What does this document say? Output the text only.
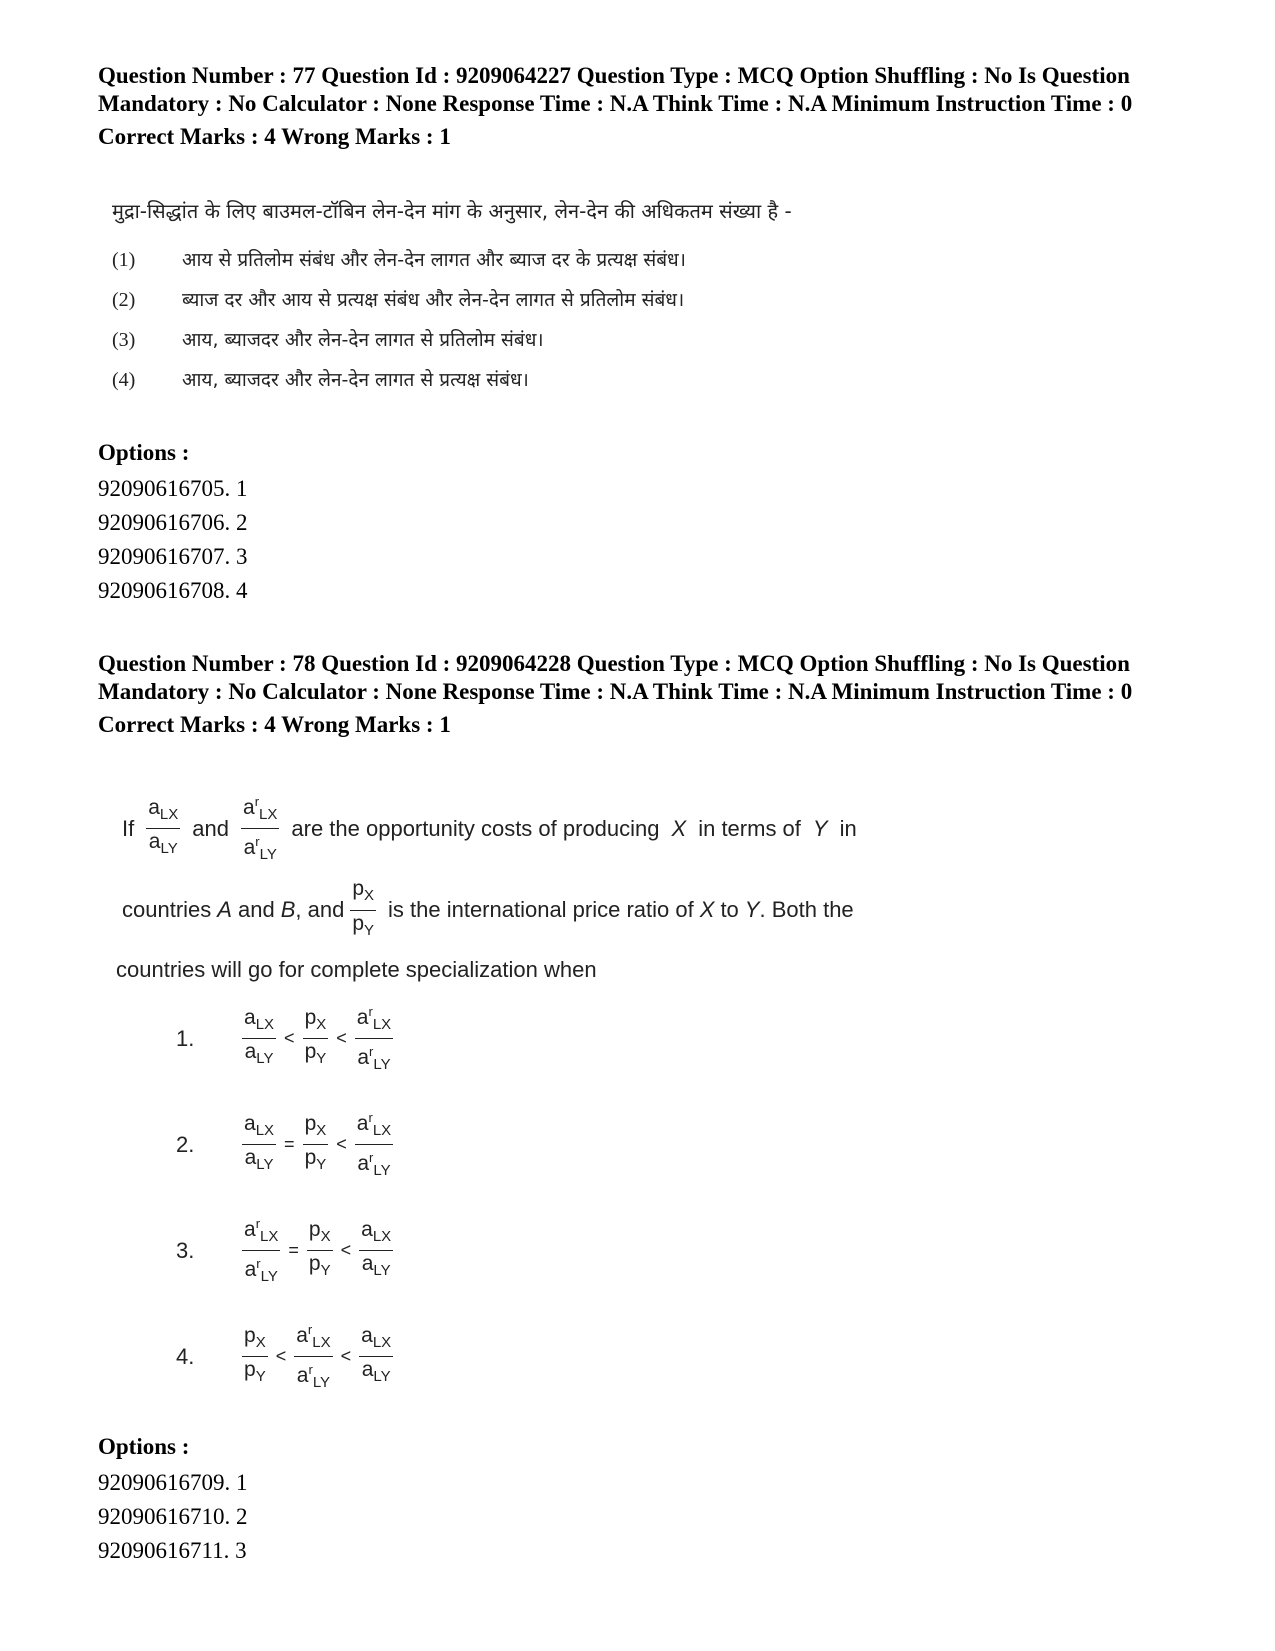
Question Number : 77 Question Id : 9209064227 Question Type : MCQ Option Shuffling : No Is Question Mandatory : No Calculator : None Response Time : N.A Think Time : N.A Minimum Instruction Time : 0
Correct Marks : 4 Wrong Marks : 1
मुद्रा-सिद्धांत के लिए बाउमल-टॉबिन लेन-देन मांग के अनुसार, लेन-देन की अधिकतम संख्या है -
(1)	आय से प्रतिलोम संबंध और लेन-देन लागत और ब्याज दर के प्रत्यक्ष संबंध।
(2)	ब्याज दर और आय से प्रत्यक्ष संबंध और लेन-देन लागत से प्रतिलोम संबंध।
(3)	आय, ब्याजदर और लेन-देन लागत से प्रतिलोम संबंध।
(4)	आय, ब्याजदर और लेन-देन लागत से प्रत्यक्ष संबंध।
Options :
92090616705. 1
92090616706. 2
92090616707. 3
92090616708. 4
Question Number : 78 Question Id : 9209064228 Question Type : MCQ Option Shuffling : No Is Question Mandatory : No Calculator : None Response Time : N.A Think Time : N.A Minimum Instruction Time : 0
Correct Marks : 4 Wrong Marks : 1
If $\frac{a_{LX}}{a_{LY}}$ and $\frac{a^r_{LX}}{a^r_{LY}}$ are the opportunity costs of producing X in terms of Y in
countries A and B , and $\frac{p_X}{p_Y}$ is the international price ratio of X to Y . Both the
countries will go for complete specialization when
1.	$\frac{a_{LX}}{a_{LY}} < \frac{p_X}{p_Y} < \frac{a^r_{LX}}{a^r_{LY}}$
2.	$\frac{a_{LX}}{a_{LY}} = \frac{p_X}{p_Y} < \frac{a^r_{LX}}{a^r_{LY}}$
3.	$\frac{a^r_{LX}}{a^r_{LY}} = \frac{p_X}{p_Y} < \frac{a_{LX}}{a_{LY}}$
4.	$\frac{p_X}{p_Y} < \frac{a^r_{LX}}{a^r_{LY}} < \frac{a_{LX}}{a_{LY}}$
Options :
92090616709. 1
92090616710. 2
92090616711. 3
